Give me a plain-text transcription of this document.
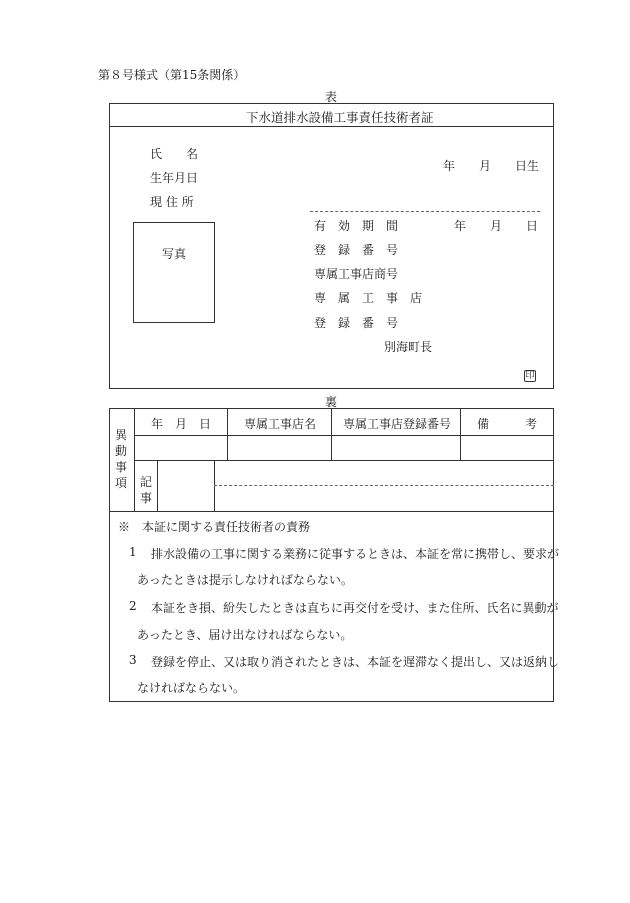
第８号様式（第15条関係）
表
下水道排水設備工事責任技術者証
氏　　名
生年月日
現 住 所
年　　月　　日生
写真
有　効　期　間	年　　月　　日
登　録　番　号
専属工事店商号
専　属　工　事　店
登　録　番　号
別海町長
印
裏
異動事項 記事
年　月　日	専属工事店名 専属工事店登録番号 備　　　考
※　本証に関する責任技術者の責務
1 排水設備の工事に関する業務に従事するときは、本証を常に携帯し、要求が
あったときは提示しなければならない。
2 本証をき損、紛失したときは直ちに再交付を受け、また住所、氏名に異動が
あったとき、届け出なければならない。
3 登録を停止、又は取り消されたときは、本証を遅滞なく提出し、又は返納し
なければならない。
